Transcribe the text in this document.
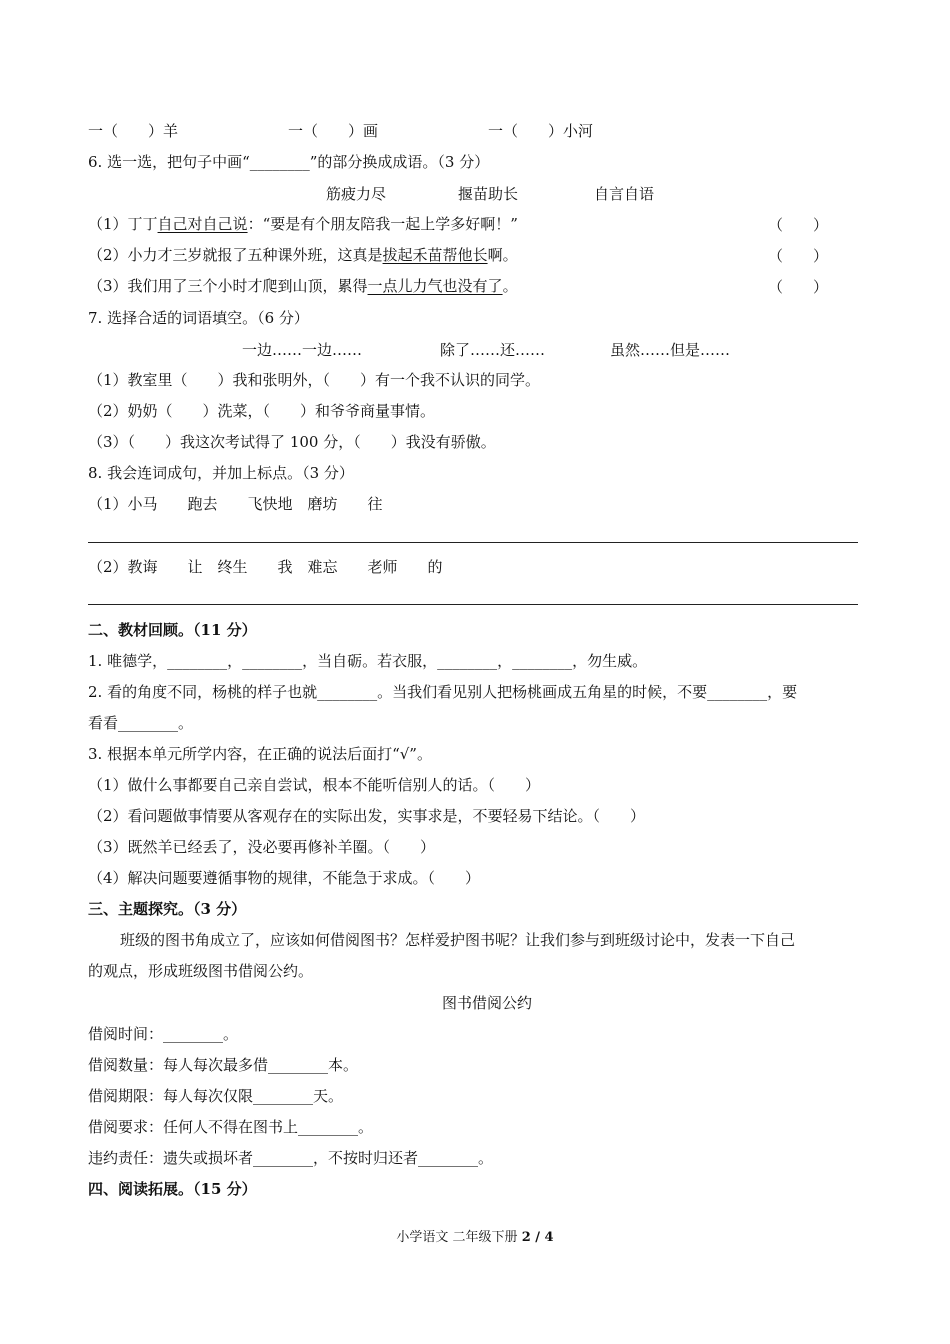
一（　　）羊	一（　　）画	一（　　）小河
6. 选一选，把句子中画“________”的部分换成成语。（3 分）
筋疲力尽	揠苗助长	自言自语
（1）丁丁自己对自己说：“要是有个朋友陪我一起上学多好啊！”	（　　）
（2）小力才三岁就报了五种课外班，这真是拔起禾苗帮他长啊。	（　　）
（3）我们用了三个小时才爬到山顶，累得一点儿力气也没有了。	（　　）
7. 选择合适的词语填空。（6 分）
一边……一边……	除了……还……	虽然……但是……
（1）教室里（　　）我和张明外，（　　）有一个我不认识的同学。
（2）奶奶（　　）洗菜，（　　）和爷爷商量事情。
（3）（　　）我这次考试得了 100 分，（　　）我没有骄傲。
8. 我会连词成句，并加上标点。（3 分）
（1）小马　　跑去　　飞快地　磨坊　　往
（2）教诲　　让　终生　　我　难忘　　老师　　的
二、教材回顾。（11 分）
1. 唯德学，________，________，当自砺。若衣服，________，________，勿生威。
2. 看的角度不同，杨桃的样子也就________。当我们看见别人把杨桃画成五角星的时候，不要________，要
看看________。
3. 根据本单元所学内容，在正确的说法后面打“√”。
（1）做什么事都要自己亲自尝试，根本不能听信别人的话。（　　）
（2）看问题做事情要从客观存在的实际出发，实事求是，不要轻易下结论。（　　）
（3）既然羊已经丢了，没必要再修补羊圈。（　　）
（4）解决问题要遵循事物的规律，不能急于求成。（　　）
三、主题探究。（3 分）
班级的图书角成立了，应该如何借阅图书？怎样爱护图书呢？让我们参与到班级讨论中，发表一下自己
的观点，形成班级图书借阅公约。
图书借阅公约
借阅时间：________。
借阅数量：每人每次最多借________本。
借阅期限：每人每次仅限________天。
借阅要求：任何人不得在图书上________。
违约责任：遗失或损坏者________，不按时归还者________。
四、阅读拓展。（15 分）
小学语文 二年级下册 2 / 4
